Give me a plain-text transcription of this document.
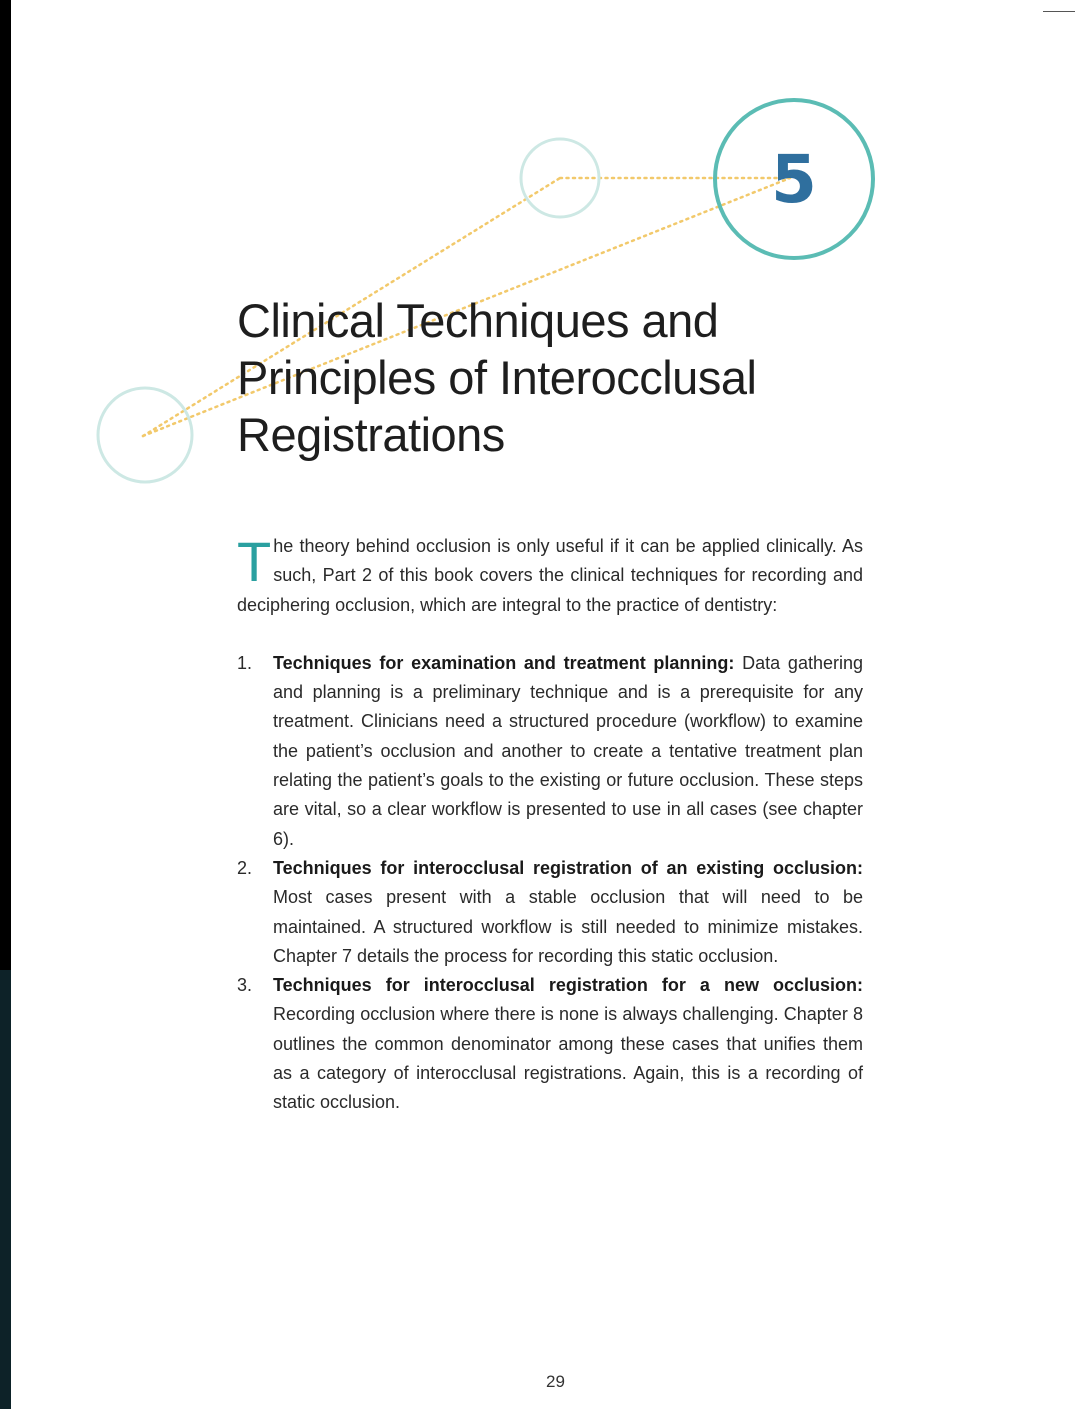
5
Clinical Techniques and Principles of Interocclusal Registrations

The theory behind occlusion is only useful if it can be applied clinically. As such, Part 2 of this book covers the clinical techniques for recording and deciphering occlusion, which are integral to the practice of dentistry:

1. Techniques for examination and treatment planning: Data gathering and planning is a preliminary technique and is a prerequisite for any treatment. Clinicians need a structured procedure (workflow) to examine the patient’s occlusion and another to create a tentative treatment plan relating the patient’s goals to the existing or future occlusion. These steps are vital, so a clear workflow is presented to use in all cases (see chapter 6).
2. Techniques for interocclusal registration of an existing occlusion: Most cases present with a stable occlusion that will need to be maintained. A structured workflow is still needed to minimize mistakes. Chapter 7 details the process for recording this static occlusion.
3. Techniques for interocclusal registration for a new occlusion: Recording occlusion where there is none is always challenging. Chapter 8 outlines the common denominator among these cases that unifies them as a category of interocclusal registrations. Again, this is a recording of static occlusion.
29
